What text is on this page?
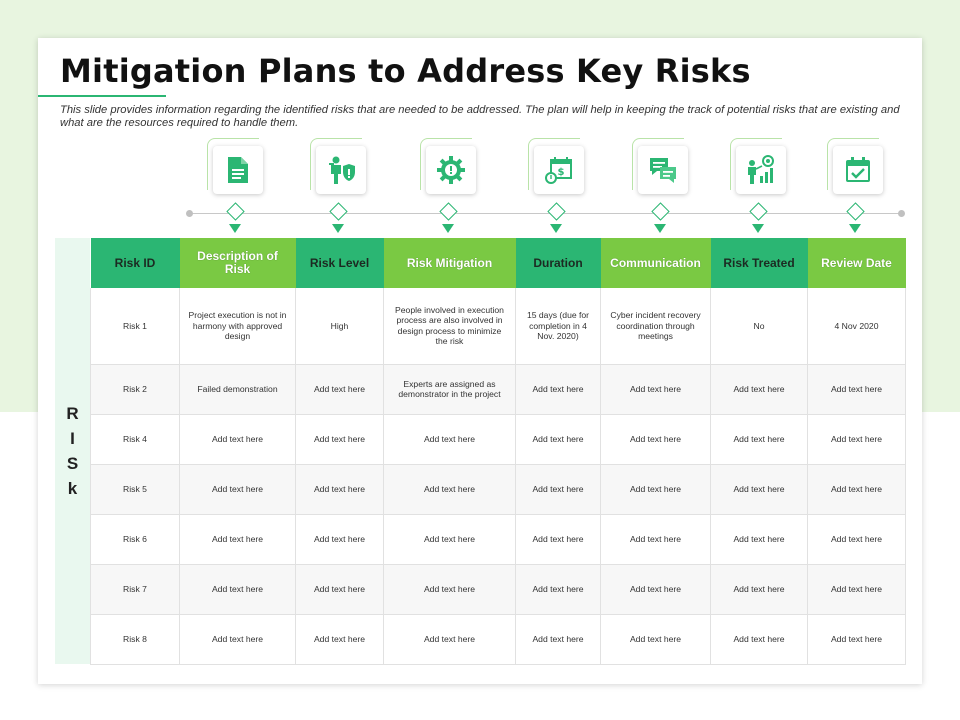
Mitigation Plans to Address Key Risks

This slide provides information regarding the identified risks that are needed to be addressed. The plan will help in keeping the track of potential risks that are existing and what are the resources required to handle them.

$
R
I
S
k
Risk ID	Description of Risk	Risk Level	Risk Mitigation	Duration	Communication	Risk Treated	Review Date
Risk 1	Project execution is not in harmony with approved design	High	People involved in execution process are also involved in design process to minimize the risk	15 days (due for completion in 4 Nov. 2020)	Cyber incident recovery coordination through meetings	No	4 Nov 2020
Risk 2	Failed demonstration	Add text here	Experts are assigned as demonstrator in the project	Add text here	Add text here	Add text here	Add text here
Risk 4	Add text here	Add text here	Add text here	Add text here	Add text here	Add text here	Add text here
Risk 5	Add text here	Add text here	Add text here	Add text here	Add text here	Add text here	Add text here
Risk 6	Add text here	Add text here	Add text here	Add text here	Add text here	Add text here	Add text here
Risk 7	Add text here	Add text here	Add text here	Add text here	Add text here	Add text here	Add text here
Risk 8	Add text here	Add text here	Add text here	Add text here	Add text here	Add text here	Add text here
